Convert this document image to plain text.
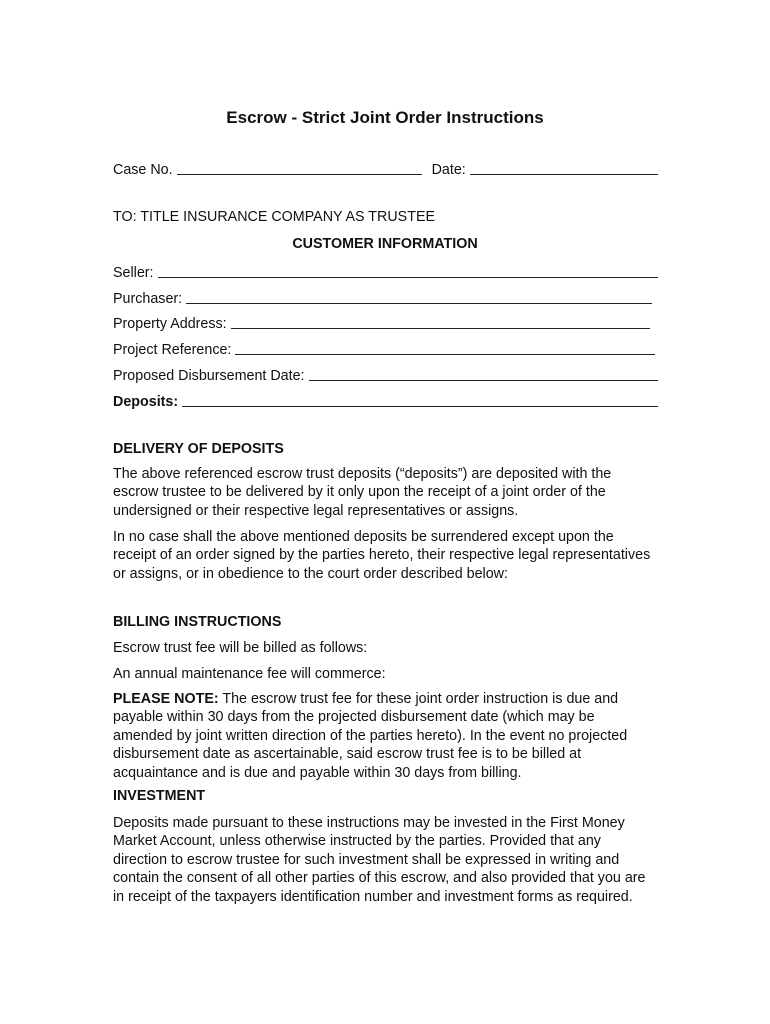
Escrow - Strict Joint Order Instructions
Case No.	Date:
TO: TITLE INSURANCE COMPANY AS TRUSTEE
CUSTOMER INFORMATION
Seller:
Purchaser:
Property Address:
Project Reference:
Proposed Disbursement Date:
Deposits:
DELIVERY OF DEPOSITS
The above referenced escrow trust deposits (“deposits”) are deposited with the escrow trustee to be delivered by it only upon the receipt of a joint order of the undersigned or their respective legal representatives or assigns.
In no case shall the above mentioned deposits be surrendered except upon the receipt of an order signed by the parties hereto, their respective legal representatives or assigns, or in obedience to the court order described below:
BILLING INSTRUCTIONS
Escrow trust fee will be billed as follows:
An annual maintenance fee will commerce:
PLEASE NOTE: The escrow trust fee for these joint order instruction is due and payable within 30 days from the projected disbursement date (which may be amended by joint written direction of the parties hereto). In the event no projected disbursement date as ascertainable, said escrow trust fee is to be billed at acquaintance and is due and payable within 30 days from billing.
INVESTMENT
Deposits made pursuant to these instructions may be invested in the First Money Market Account, unless otherwise instructed by the parties. Provided that any direction to escrow trustee for such investment shall be expressed in writing and contain the consent of all other parties of this escrow, and also provided that you are in receipt of the taxpayers identification number and investment forms as required.
